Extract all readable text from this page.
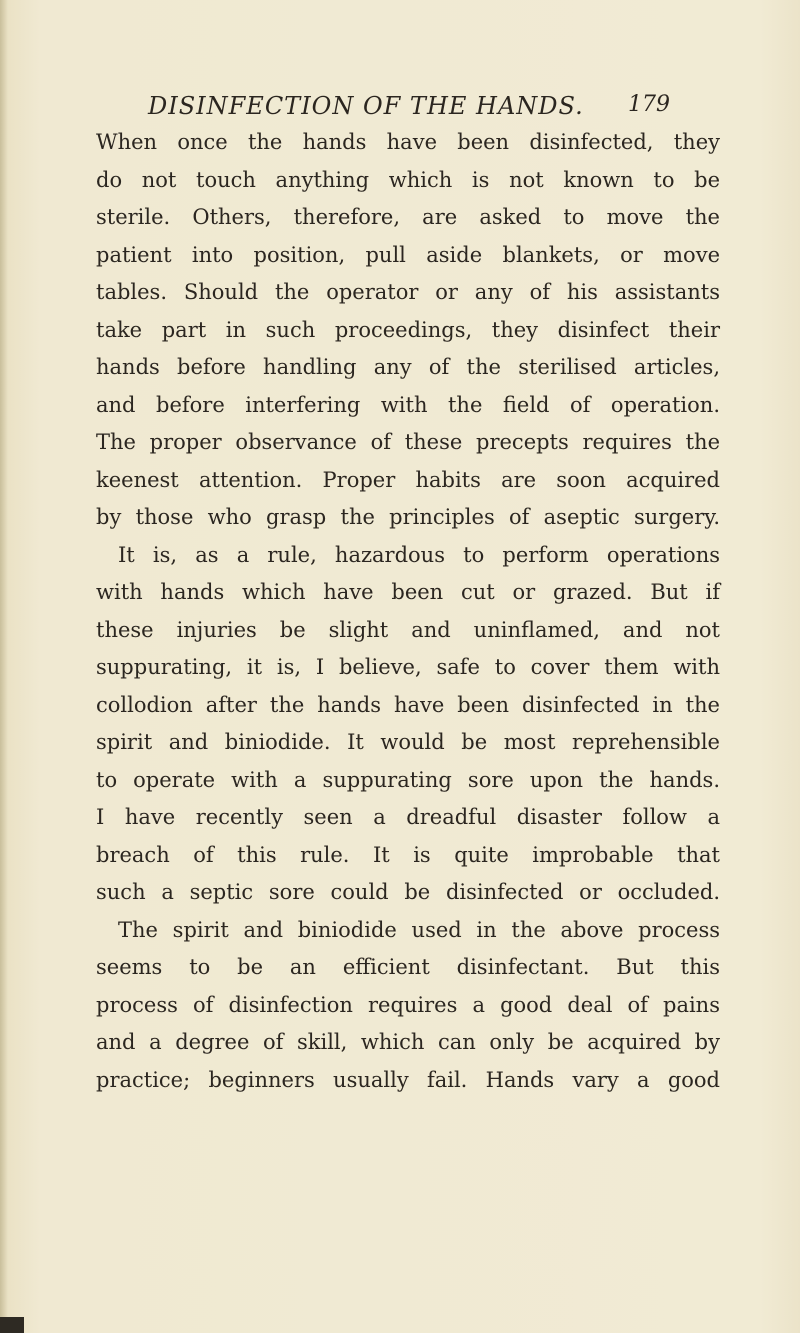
DISINFECTION OF THE HANDS. 179
When once the hands have been disinfected, they
do not touch anything which is not known to be
sterile. Others, therefore, are asked to move the
patient into position, pull aside blankets, or move
tables. Should the operator or any of his assistants
take part in such proceedings, they disinfect their
hands before handling any of the sterilised articles,
and before interfering with the field of operation.
The proper observance of these precepts requires the
keenest attention. Proper habits are soon acquired
by those who grasp the principles of aseptic surgery.
It is, as a rule, hazardous to perform operations
with hands which have been cut or grazed. But if
these injuries be slight and uninflamed, and not
suppurating, it is, I believe, safe to cover them with
collodion after the hands have been disinfected in the
spirit and biniodide. It would be most reprehensible
to operate with a suppurating sore upon the hands.
I have recently seen a dreadful disaster follow a
breach of this rule. It is quite improbable that
such a septic sore could be disinfected or occluded.
The spirit and biniodide used in the above process
seems to be an efficient disinfectant. But this
process of disinfection requires a good deal of pains
and a degree of skill, which can only be acquired by
practice; beginners usually fail. Hands vary a good
